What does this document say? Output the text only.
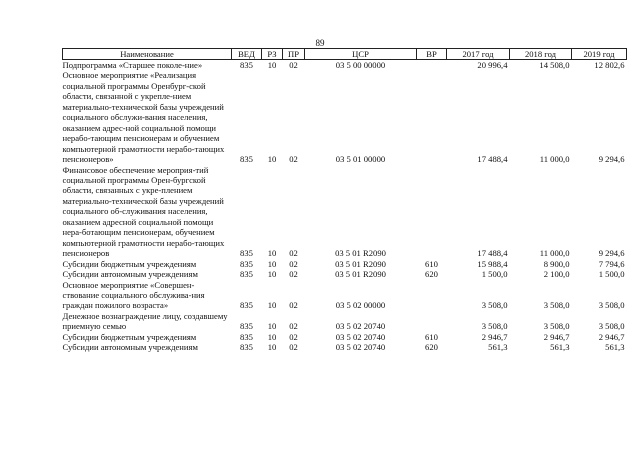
89
Наименование	ВЕД	РЗ	ПР	ЦСР	ВР	2017 год	2018 год	2019 год
Подпрограмма «Старшее поколе-ние»	835	10	02	03 5 00 00000		20 996,4	14 508,0	12 802,6
Основное мероприятие «Реализация социальной программы Оренбург-ской области, связанной с укрепле-нием материально-технической базы учреждений социального обслужи-вания населения, оказанием адрес-ной социальной помощи нерабо-тающим пенсионерам и обучением компьютерной грамотности нерабо-тающих пенсионеров»	835	10	02	03 5 01 00000		17 488,4	11 000,0	9 294,6
Финансовое обеспечение мероприя-тий социальной программы Орен-бургской области, связанных с укре-плением материально-технической базы учреждений социального об-служивания населения, оказанием адресной социальной помощи нера-ботающим пенсионерам, обучением компьютерной грамотности нерабо-тающих пенсионеров	835	10	02	03 5 01 R2090		17 488,4	11 000,0	9 294,6
Субсидии бюджетным учреждениям	835	10	02	03 5 01 R2090	610	15 988,4	8 900,0	7 794,6
Субсидии автономным учреждениям	835	10	02	03 5 01 R2090	620	1 500,0	2 100,0	1 500,0
Основное мероприятие «Совершен-ствование социального обслужива-ния граждан пожилого возраста»	835	10	02	03 5 02 00000		3 508,0	3 508,0	3 508,0
Денежное вознаграждение лицу, создавшему приемную семью	835	10	02	03 5 02 20740		3 508,0	3 508,0	3 508,0
Субсидии бюджетным учреждениям	835	10	02	03 5 02 20740	610	2 946,7	2 946,7	2 946,7
Субсидии автономным учреждениям	835	10	02	03 5 02 20740	620	561,3	561,3	561,3
